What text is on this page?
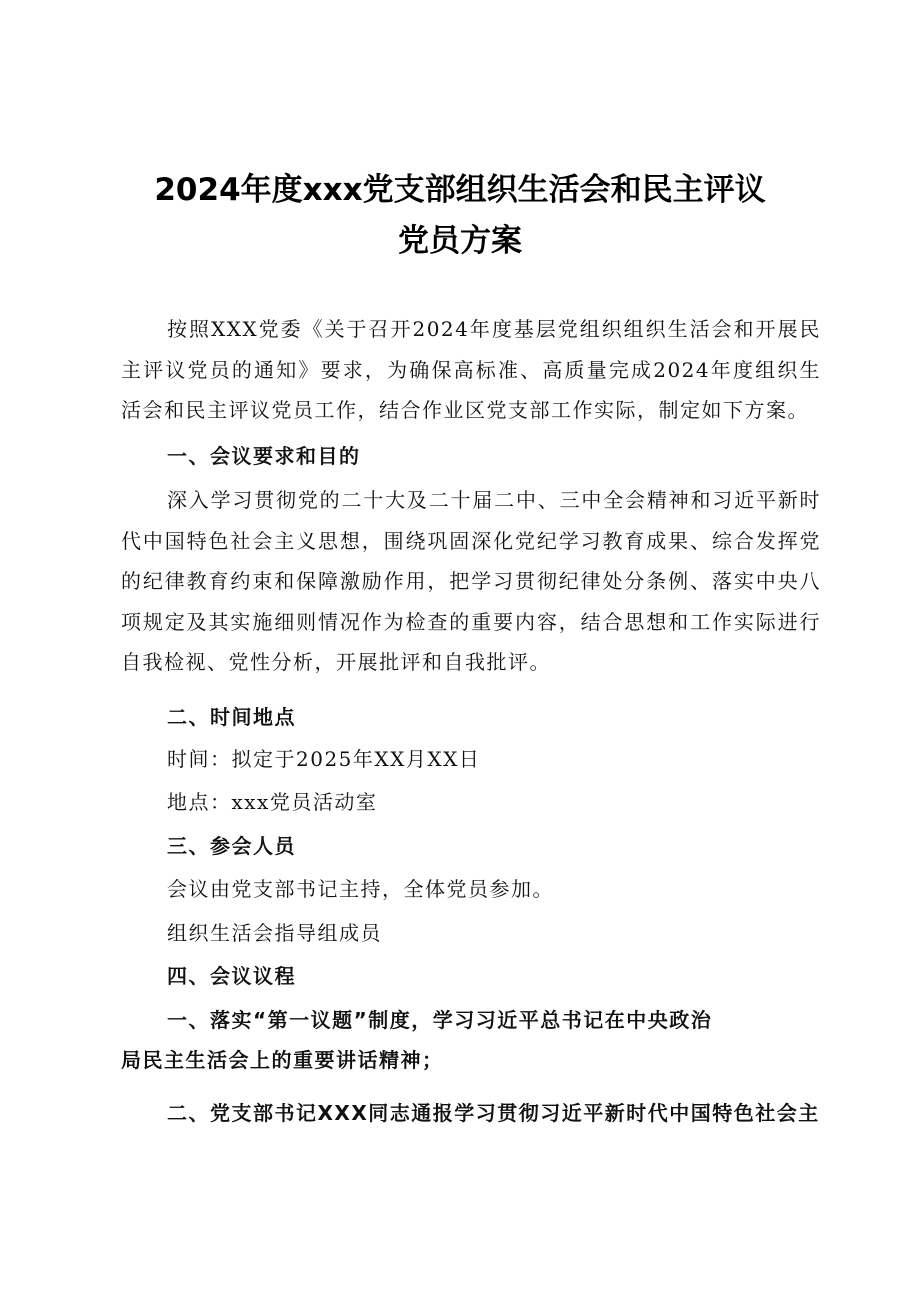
2024年度xxx党支部组织生活会和民主评议
党员方案

按照XXX党委《关于召开2024年度基层党组织组织生活会和开展民主评议党员的通知》要求，为确保高标准、高质量完成2024年度组织生活会和民主评议党员工作，结合作业区党支部工作实际，制定如下方案。

一、会议要求和目的

深入学习贯彻党的二十大及二十届二中、三中全会精神和习近平新时代中国特色社会主义思想，围绕巩固深化党纪学习教育成果、综合发挥党的纪律教育约束和保障激励作用，把学习贯彻纪律处分条例、落实中央八项规定及其实施细则情况作为检查的重要内容，结合思想和工作实际进行自我检视、党性分析，开展批评和自我批评。

二、时间地点

时间：拟定于2025年XX月XX日

地点：xxx党员活动室

三、参会人员

会议由党支部书记主持，全体党员参加。

组织生活会指导组成员

四、会议议程

一、落实“第一议题”制度，学习习近平总书记在中央政治
局民主生活会上的重要讲话精神；
二、党支部书记XXX同志通报学习贯彻习近平新时代中国特色社会主
